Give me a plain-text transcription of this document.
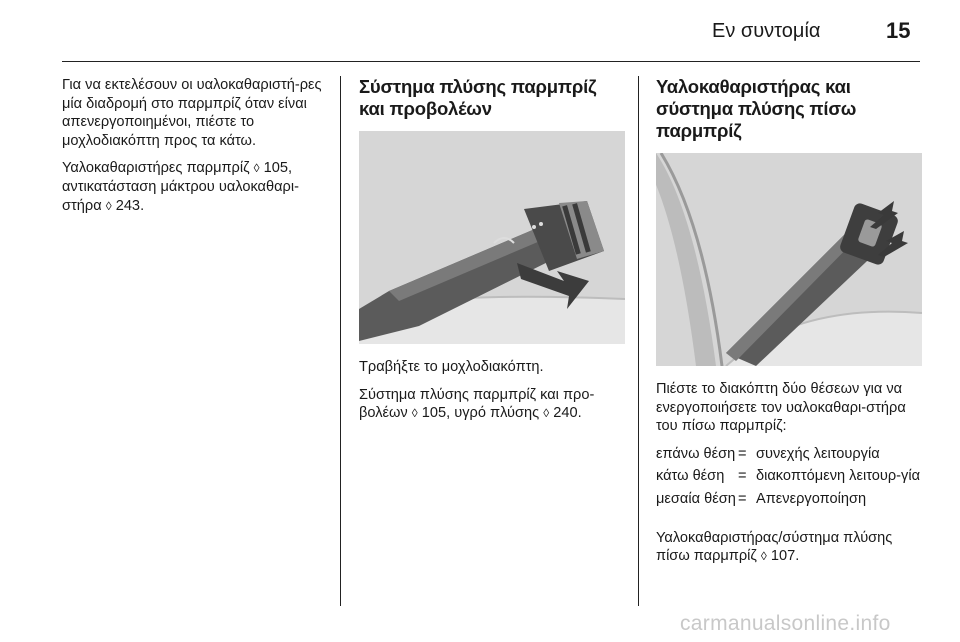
Εν συντομία	15

Για να εκτελέσουν οι υαλοκαθαριστή-ρες μία διαδρομή στο παρμπρίζ όταν είναι απενεργοποιημένοι, πιέστε το μοχλοδιακόπτη προς τα κάτω.

Υαλοκαθαριστήρες παρμπρίζ ◊ 105, αντικατάσταση μάκτρου υαλοκαθαρι-στήρα ◊ 243.

Σύστημα πλύσης παρμπρίζ και προβολέων

Τραβήξτε το μοχλοδιακόπτη.

Σύστημα πλύσης παρμπρίζ και προ-βολέων ◊ 105, υγρό πλύσης ◊ 240.

Υαλοκαθαριστήρας και σύστημα πλύσης πίσω παρμπρίζ

Πιέστε το διακόπτη δύο θέσεων για να ενεργοποιήσετε τον υαλοκαθαρι-στήρα του πίσω παρμπρίζ:

επάνω θέση	=	συνεχής λειτουργία
κάτω θέση	=	διακοπτόμενη λειτουρ-γία
μεσαία θέση	=	Απενεργοποίηση

Υαλοκαθαριστήρας/σύστημα πλύσης πίσω παρμπρίζ ◊ 107.

carmanualsonline.info
